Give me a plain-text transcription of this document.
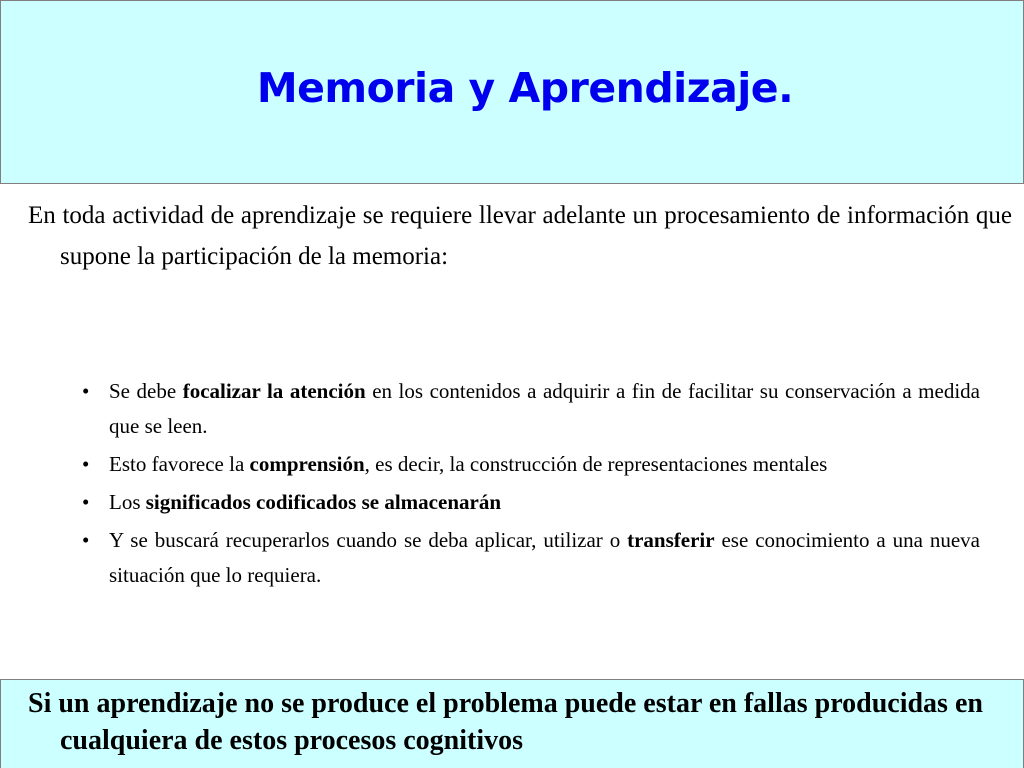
Memoria y Aprendizaje.

En toda actividad de aprendizaje se requiere llevar adelante un procesamiento de información que supone la participación de la memoria:

• Se debe focalizar la atención en los contenidos a adquirir a fin de facilitar su conservación a medida que se leen.
• Esto favorece la comprensión, es decir, la construcción de representaciones mentales
• Los significados codificados se almacenarán
• Y se buscará recuperarlos cuando se deba aplicar, utilizar o transferir ese conocimiento a una nueva situación que lo requiera.

Si un aprendizaje no se produce el problema puede estar en fallas producidas en cualquiera de estos procesos cognitivos
